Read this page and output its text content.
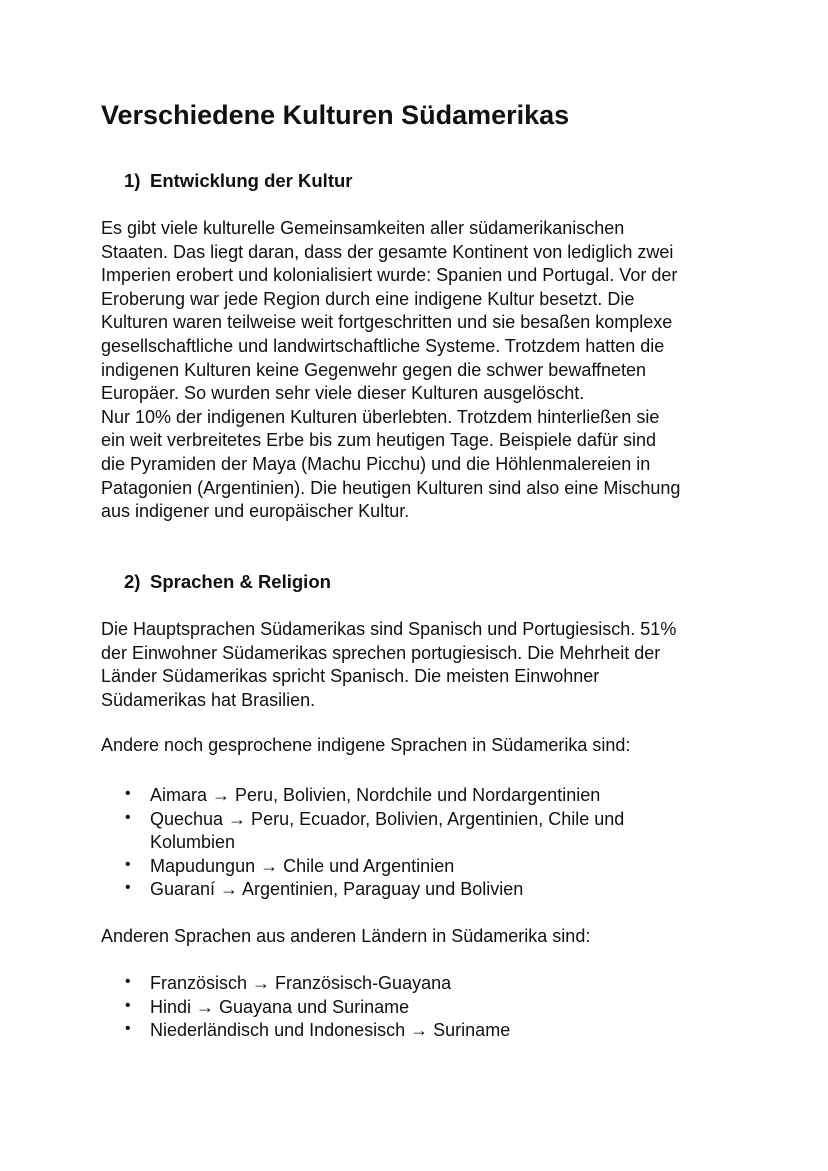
Verschiedene Kulturen Südamerikas
1) Entwicklung der Kultur
Es gibt viele kulturelle Gemeinsamkeiten aller südamerikanischen
Staaten. Das liegt daran, dass der gesamte Kontinent von lediglich zwei
Imperien erobert und kolonialisiert wurde: Spanien und Portugal. Vor der
Eroberung war jede Region durch eine indigene Kultur besetzt. Die
Kulturen waren teilweise weit fortgeschritten und sie besaßen komplexe
gesellschaftliche und landwirtschaftliche Systeme. Trotzdem hatten die
indigenen Kulturen keine Gegenwehr gegen die schwer bewaffneten
Europäer. So wurden sehr viele dieser Kulturen ausgelöscht.
Nur 10% der indigenen Kulturen überlebten. Trotzdem hinterließen sie
ein weit verbreitetes Erbe bis zum heutigen Tage. Beispiele dafür sind
die Pyramiden der Maya (Machu Picchu) und die Höhlenmalereien in
Patagonien (Argentinien). Die heutigen Kulturen sind also eine Mischung
aus indigener und europäischer Kultur.
2) Sprachen & Religion
Die Hauptsprachen Südamerikas sind Spanisch und Portugiesisch. 51%
der Einwohner Südamerikas sprechen portugiesisch. Die Mehrheit der
Länder Südamerikas spricht Spanisch. Die meisten Einwohner
Südamerikas hat Brasilien.
Andere noch gesprochene indigene Sprachen in Südamerika sind:
• Aimara → Peru, Bolivien, Nordchile und Nordargentinien
• Quechua → Peru, Ecuador, Bolivien, Argentinien, Chile und Kolumbien
• Mapudungun → Chile und Argentinien
• Guaraní → Argentinien, Paraguay und Bolivien
Anderen Sprachen aus anderen Ländern in Südamerika sind:
• Französisch → Französisch-Guayana
• Hindi → Guayana und Suriname
• Niederländisch und Indonesisch → Suriname
